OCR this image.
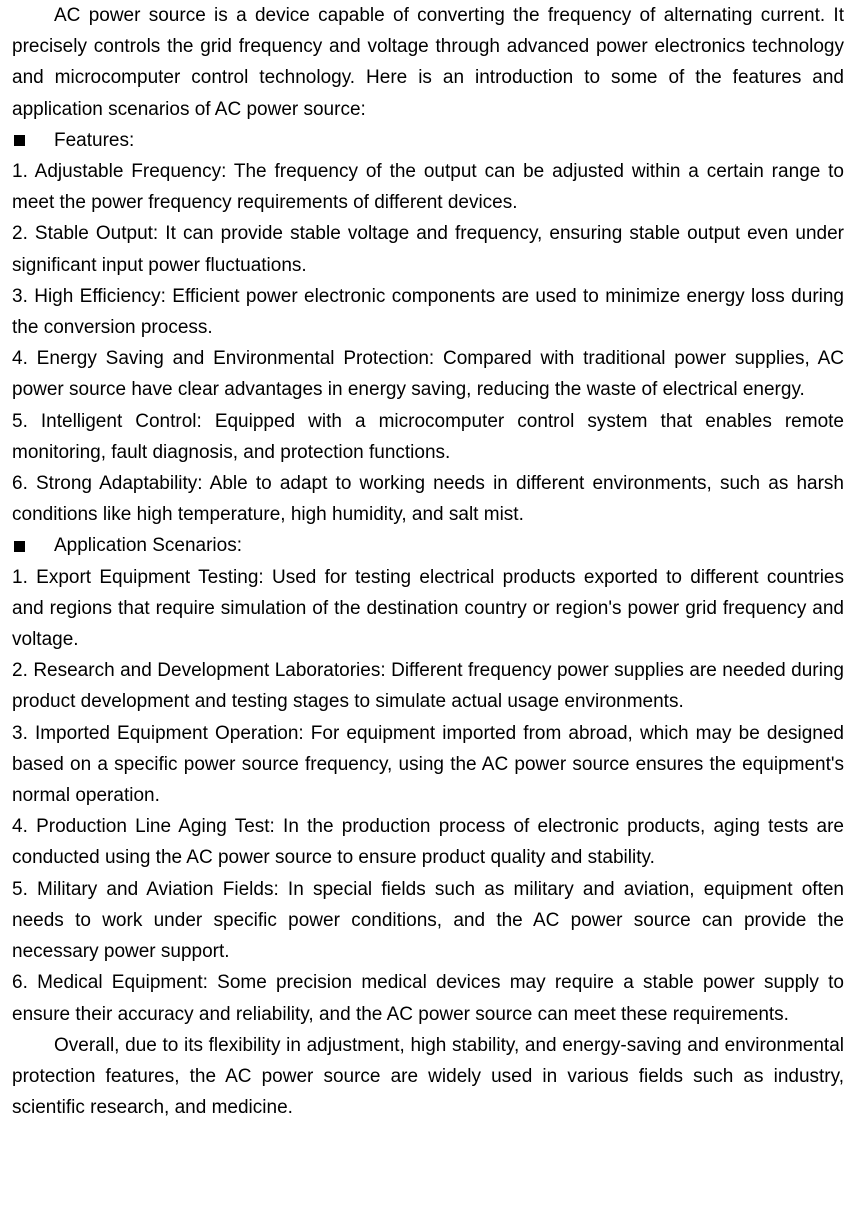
AC power source is a device capable of converting the frequency of alternating current. It precisely controls the grid frequency and voltage through advanced power electronics technology and microcomputer control technology. Here is an introduction to some of the features and application scenarios of AC power source:

Features:

1. Adjustable Frequency: The frequency of the output can be adjusted within a certain range to meet the power frequency requirements of different devices.

2. Stable Output: It can provide stable voltage and frequency, ensuring stable output even under significant input power fluctuations.

3. High Efficiency: Efficient power electronic components are used to minimize energy loss during the conversion process.

4. Energy Saving and Environmental Protection: Compared with traditional power supplies, AC power source have clear advantages in energy saving, reducing the waste of electrical energy.

5. Intelligent Control: Equipped with a microcomputer control system that enables remote monitoring, fault diagnosis, and protection functions.

6. Strong Adaptability: Able to adapt to working needs in different environments, such as harsh conditions like high temperature, high humidity, and salt mist.

Application Scenarios:

1. Export Equipment Testing: Used for testing electrical products exported to different countries and regions that require simulation of the destination country or region's power grid frequency and voltage.

2. Research and Development Laboratories: Different frequency power supplies are needed during product development and testing stages to simulate actual usage environments.

3. Imported Equipment Operation: For equipment imported from abroad, which may be designed based on a specific power source frequency, using the AC power source ensures the equipment's normal operation.

4. Production Line Aging Test: In the production process of electronic products, aging tests are conducted using the AC power source to ensure product quality and stability.

5. Military and Aviation Fields: In special fields such as military and aviation, equipment often needs to work under specific power conditions, and the AC power source can provide the necessary power support.

6. Medical Equipment: Some precision medical devices may require a stable power supply to ensure their accuracy and reliability, and the AC power source can meet these requirements.

Overall, due to its flexibility in adjustment, high stability, and energy-saving and environmental protection features, the AC power source are widely used in various fields such as industry, scientific research, and medicine.
